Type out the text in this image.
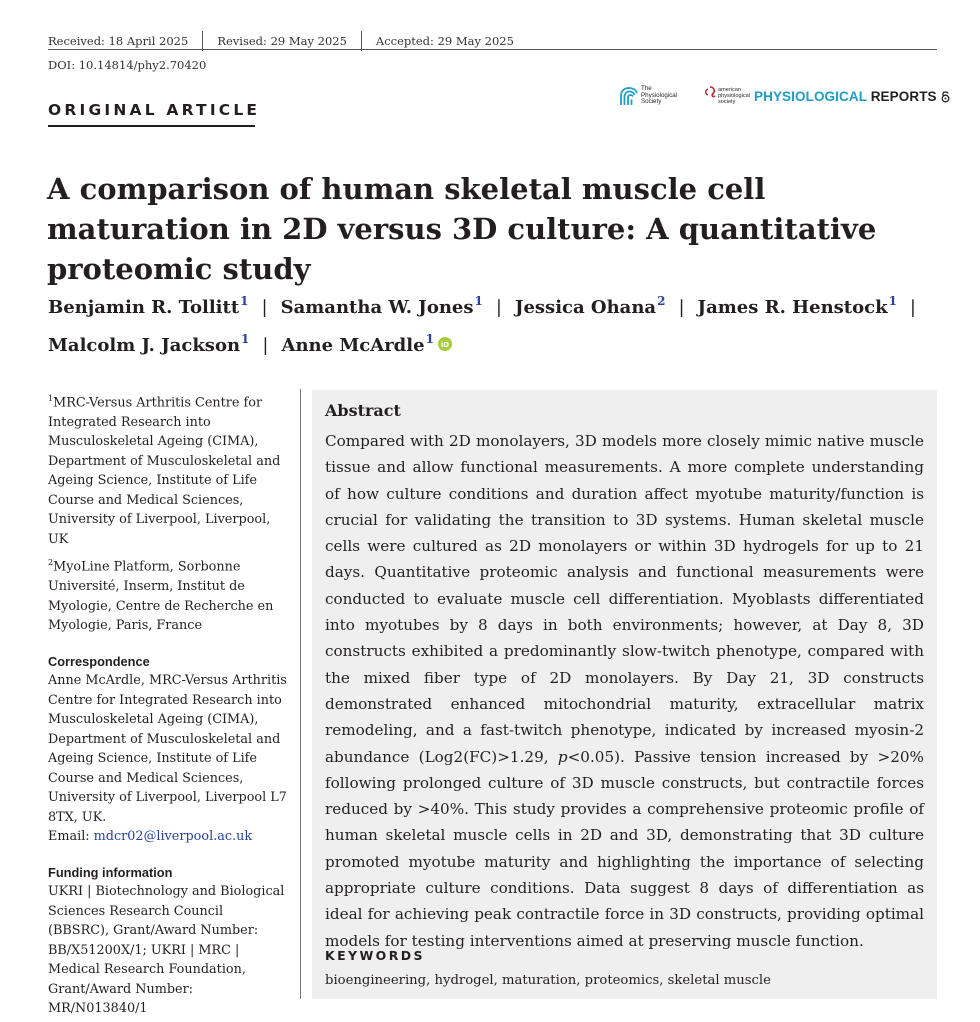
Received: 18 April 2025	Revised: 29 May 2025	Accepted: 29 May 2025
DOI: 10.14814/phy2.70420
ORIGINAL ARTICLE
The
Physiological
Society
american
physiological
society	PHYSIOLOGICAL REPORTS
A comparison of human skeletal muscle cell maturation in 2D versus 3D culture: A quantitative proteomic study
Benjamin R. Tollitt$^1$ | Samantha W. Jones$^1$ | Jessica Ohana$^2$ | James R. Henstock$^1$ |
Malcolm J. Jackson$^1$ | Anne McArdle$^1$ iD

$^1$MRC-Versus Arthritis Centre for Integrated Research into Musculoskeletal Ageing (CIMA), Department of Musculoskeletal and Ageing Science, Institute of Life Course and Medical Sciences, University of Liverpool, Liverpool, UK

$^2$MyoLine Platform, Sorbonne Université, Inserm, Institut de Myologie, Centre de Recherche en Myologie, Paris, France

Correspondence

Anne McArdle, MRC-Versus Arthritis Centre for Integrated Research into Musculoskeletal Ageing (CIMA), Department of Musculoskeletal and Ageing Science, Institute of Life Course and Medical Sciences, University of Liverpool, Liverpool L7 8TX, UK.

Email: mdcr02@liverpool.ac.uk

Funding information

UKRI | Biotechnology and Biological Sciences Research Council (BBSRC), Grant/Award Number: BB/X51200X/1; UKRI | MRC | Medical Research Foundation, Grant/Award Number: MR/N013840/1

Abstract

Compared with 2D monolayers, 3D models more closely mimic native muscle tissue and allow functional measurements. A more complete understanding of how culture conditions and duration affect myotube maturity/function is crucial for validating the transition to 3D systems. Human skeletal muscle cells were cultured as 2D monolayers or within 3D hydrogels for up to 21 days. Quantitative proteomic analysis and functional measurements were conducted to evaluate muscle cell differentiation. Myoblasts differentiated into myotubes by 8 days in both environments; however, at Day 8, 3D constructs exhibited a predominantly slow-twitch phenotype, compared with the mixed fiber type of 2D monolayers. By Day 21, 3D constructs demonstrated enhanced mitochondrial maturity, extracellular matrix remodeling, and a fast-twitch phenotype, indicated by increased myosin-2 abundance (Log2(FC)>1.29, p<0.05). Passive tension increased by >20% following prolonged culture of 3D muscle constructs, but contractile forces reduced by >40%. This study provides a comprehensive proteomic profile of human skeletal muscle cells in 2D and 3D, demonstrating that 3D culture promoted myotube maturity and highlighting the importance of selecting appropriate culture conditions. Data suggest 8 days of differentiation as ideal for achieving peak contractile force in 3D constructs, providing optimal models for testing interventions aimed at preserving muscle function.

KEYWORDS

bioengineering, hydrogel, maturation, proteomics, skeletal muscle
